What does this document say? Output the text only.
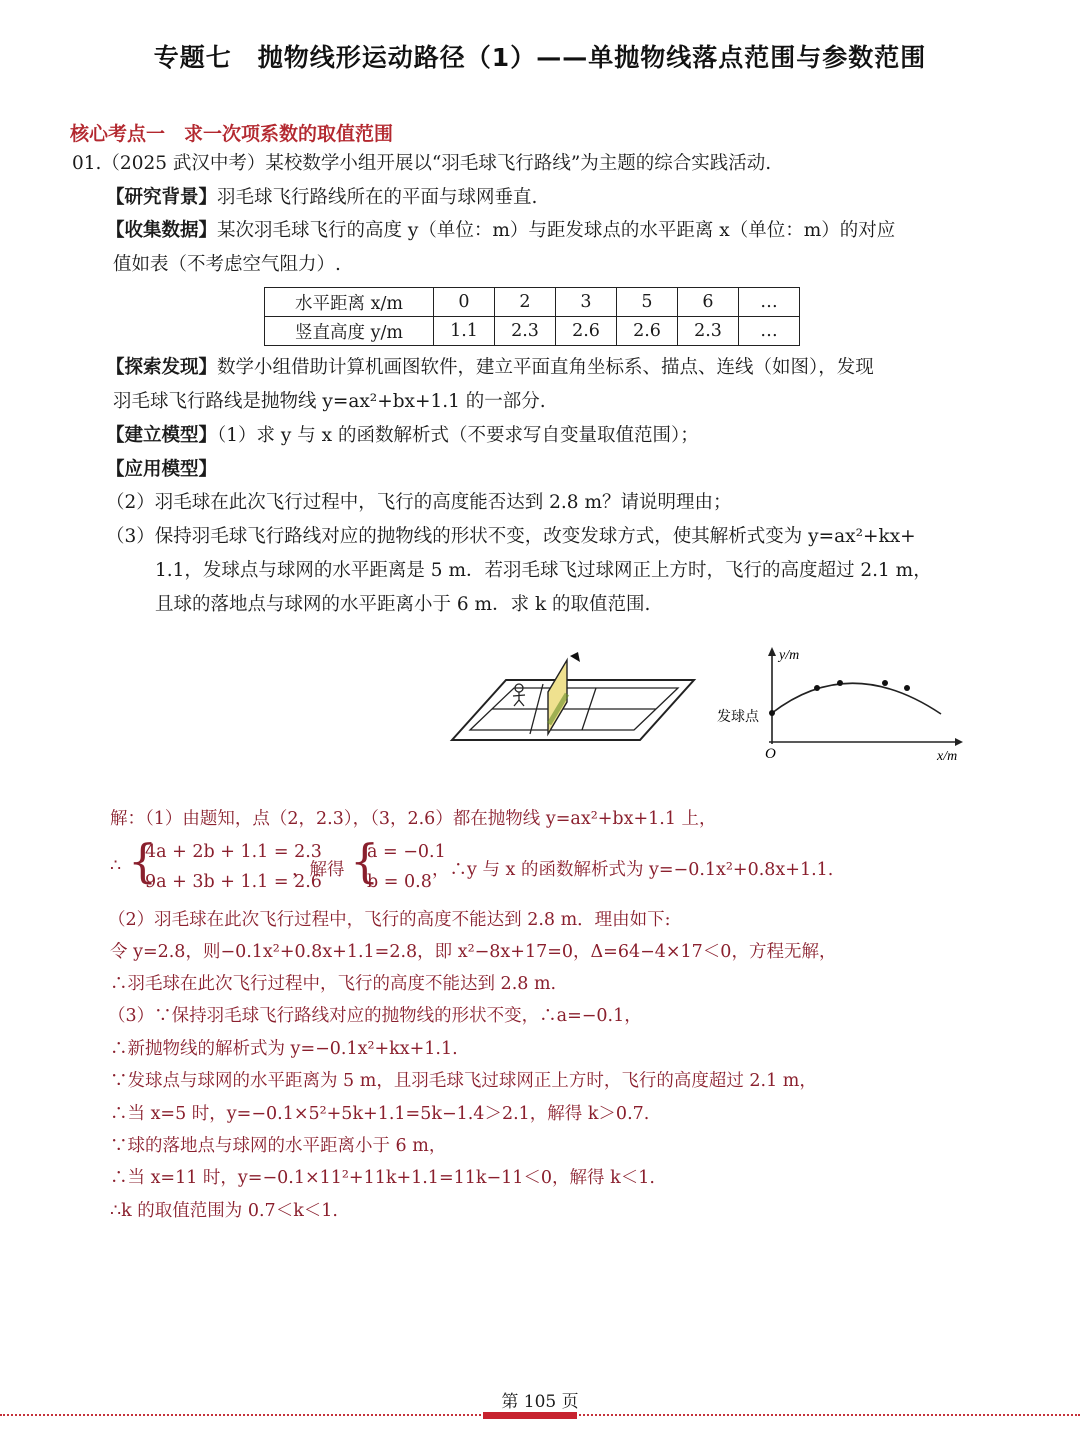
专题七　抛物线形运动路径（1）——单抛物线落点范围与参数范围
核心考点一　求一次项系数的取值范围
01.（2025 武汉中考）某校数学小组开展以“羽毛球飞行路线”为主题的综合实践活动.
【研究背景】羽毛球飞行路线所在的平面与球网垂直.
【收集数据】某次羽毛球飞行的高度 y（单位：m）与距发球点的水平距离 x（单位：m）的对应
值如表（不考虑空气阻力）.
水平距离 x/m	0	2	3	5	6	…
竖直高度 y/m	1.1	2.3	2.6	2.6	2.3	…
【探索发现】数学小组借助计算机画图软件，建立平面直角坐标系、描点、连线（如图），发现
羽毛球飞行路线是抛物线 y=ax²+bx+1.1 的一部分.
【建立模型】（1）求 y 与 x 的函数解析式（不要求写自变量取值范围）；
【应用模型】
（2）羽毛球在此次飞行过程中，飞行的高度能否达到 2.8 m？请说明理由；
（3）保持羽毛球飞行路线对应的抛物线的形状不变，改变发球方式，使其解析式变为 y=ax²+kx+
1.1，发球点与球网的水平距离是 5 m．若羽毛球飞过球网正上方时，飞行的高度超过 2.1 m，
且球的落地点与球网的水平距离小于 6 m．求 k 的取值范围.
y/m
x/m
O
发球点
解：（1）由题知，点（2，2.3），（3，2.6）都在抛物线 y=ax²+bx+1.1 上，
∴ {
4a + 2b + 1.1 = 2.3
9a + 3b + 1.1 = 2.6
，解得 {
a = −0.1
b = 0.8
，∴y 与 x 的函数解析式为 y=−0.1x²+0.8x+1.1.
（2）羽毛球在此次飞行过程中，飞行的高度不能达到 2.8 m．理由如下:
令 y=2.8，则−0.1x²+0.8x+1.1=2.8，即 x²−8x+17=0，Δ=64−4×17＜0，方程无解，
∴羽毛球在此次飞行过程中，飞行的高度不能达到 2.8 m.
（3）∵保持羽毛球飞行路线对应的抛物线的形状不变，∴a=−0.1，
∴新抛物线的解析式为 y=−0.1x²+kx+1.1.
∵发球点与球网的水平距离为 5 m，且羽毛球飞过球网正上方时，飞行的高度超过 2.1 m，
∴当 x=5 时，y=−0.1×5²+5k+1.1=5k−1.4＞2.1，解得 k＞0.7.
∵球的落地点与球网的水平距离小于 6 m，
∴当 x=11 时，y=−0.1×11²+11k+1.1=11k−11＜0，解得 k＜1.
∴k 的取值范围为 0.7＜k＜1.
第 105 页
